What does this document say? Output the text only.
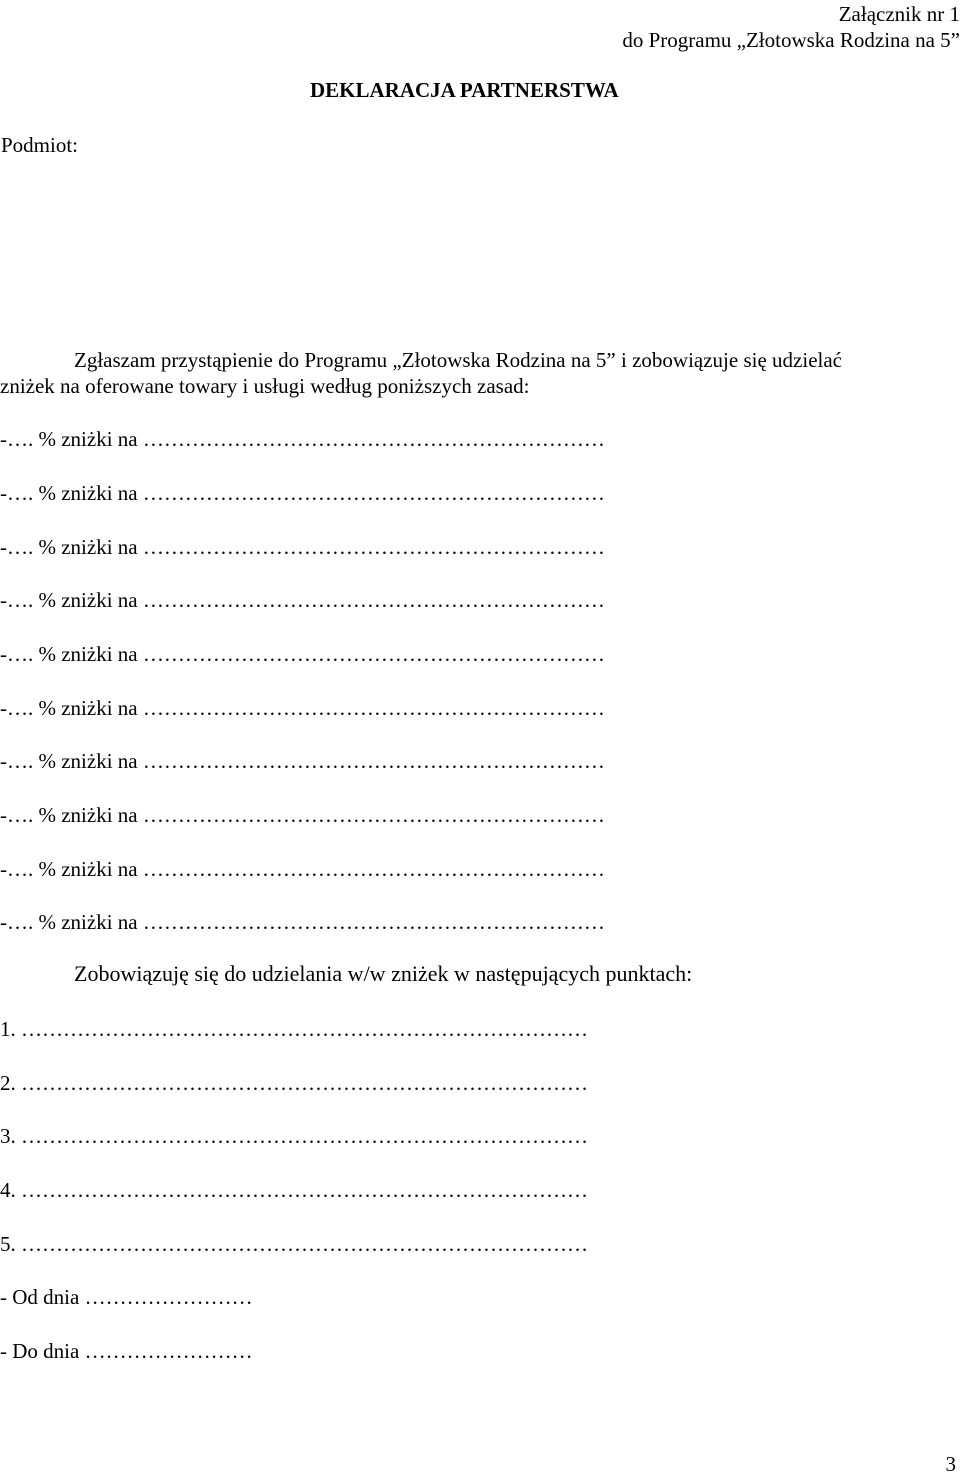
Załącznik nr 1
do Programu „Złotowska Rodzina na 5”
DEKLARACJA PARTNERSTWA
Podmiot:
Zgłaszam przystąpienie do Programu „Złotowska Rodzina na 5” i zobowiązuje się udzielać
zniżek na oferowane towary i usługi według poniższych zasad:
-…. % zniżki na …………………………………………………………
-…. % zniżki na …………………………………………………………
-…. % zniżki na …………………………………………………………
-…. % zniżki na …………………………………………………………
-…. % zniżki na …………………………………………………………
-…. % zniżki na …………………………………………………………
-…. % zniżki na …………………………………………………………
-…. % zniżki na …………………………………………………………
-…. % zniżki na …………………………………………………………
-…. % zniżki na …………………………………………………………
Zobowiązuję się do udzielania w/w zniżek w następujących punktach:
1. ………………………………………………………………………
2. ………………………………………………………………………
3. ………………………………………………………………………
4. ………………………………………………………………………
5. ………………………………………………………………………
- Od dnia ……………………
- Do dnia ……………………
3
